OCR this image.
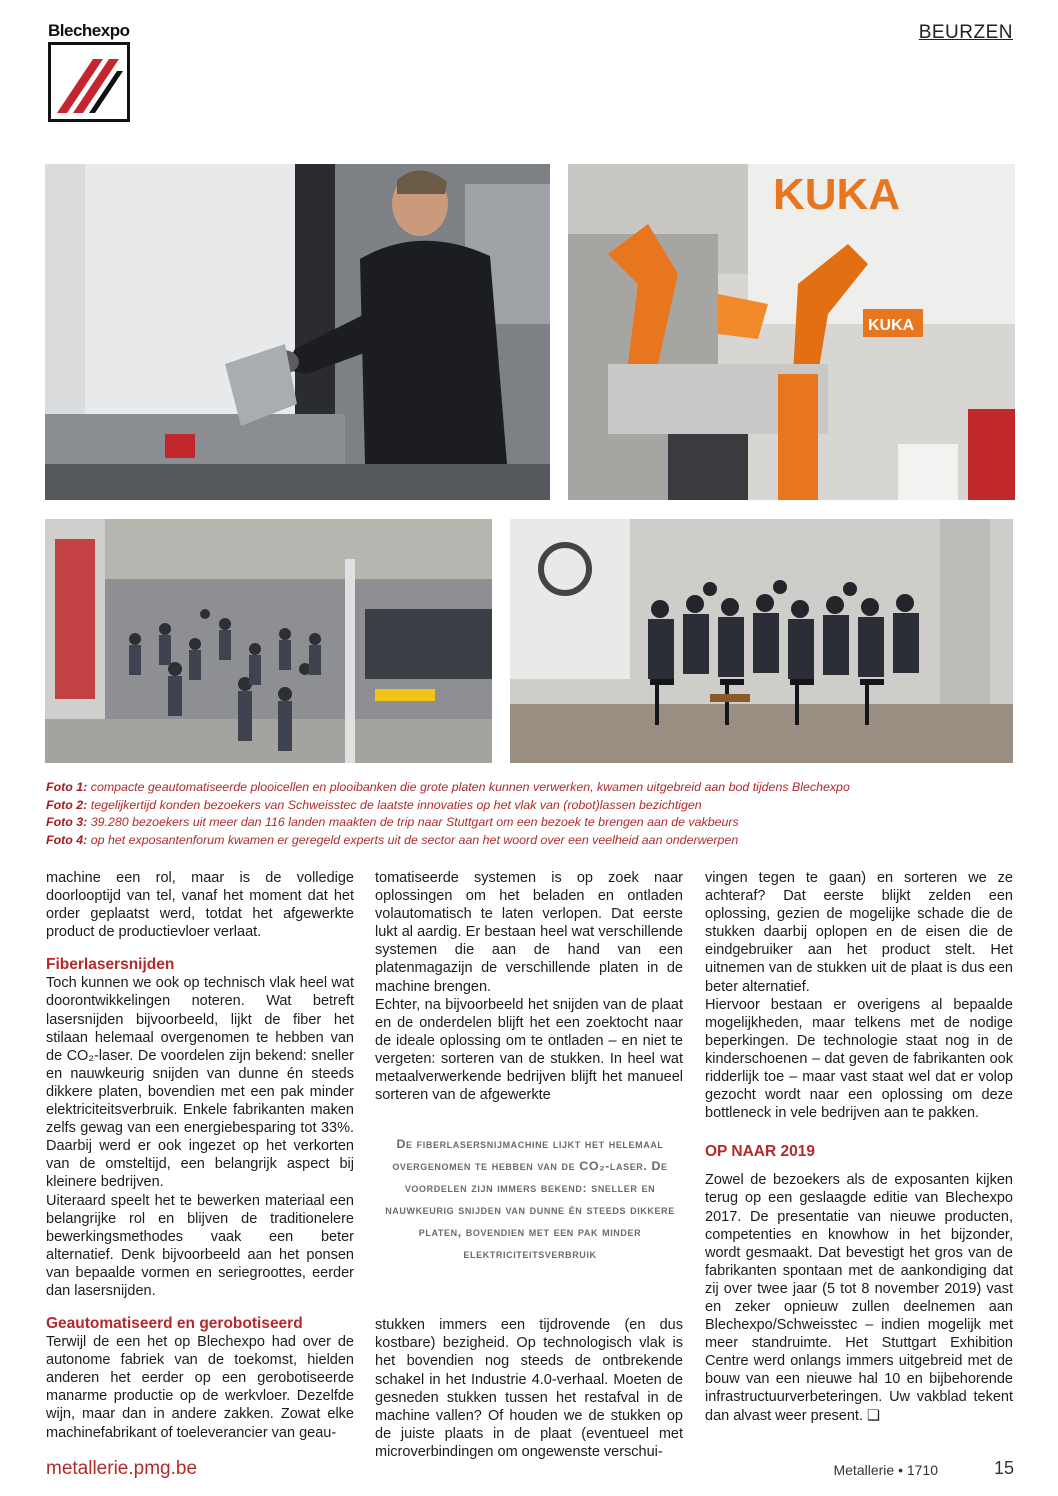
Blechexpo	BEURZEN
KUKA
KUKA
Foto 1: compacte geautomatiseerde plooicellen en plooibanken die grote platen kunnen verwerken, kwamen uitgebreid aan bod tijdens Blechexpo
Foto 2: tegelijkertijd konden bezoekers van Schweisstec de laatste innovaties op het vlak van (robot)lassen bezichtigen
Foto 3: 39.280 bezoekers uit meer dan 116 landen maakten de trip naar Stuttgart om een bezoek te brengen aan de vakbeurs
Foto 4: op het exposantenforum kwamen er geregeld experts uit de sector aan het woord over een veelheid aan onderwerpen

machine een rol, maar is de volledige doorlooptijd van tel, vanaf het moment dat het order geplaatst werd, totdat het afgewerkte product de productievloer verlaat.

Fiberlasersnijden

Toch kunnen we ook op technisch vlak heel wat doorontwikkelingen noteren. Wat betreft lasersnijden bijvoorbeeld, lijkt de fiber het stilaan helemaal overgenomen te hebben van de CO₂-laser. De voordelen zijn bekend: sneller en nauwkeurig snijden van dunne én steeds dikkere platen, bovendien met een pak minder elektriciteitsverbruik. Enkele fabrikanten maken zelfs gewag van een energiebesparing tot 33%. Daarbij werd er ook ingezet op het verkorten van de omsteltijd, een belangrijk aspect bij kleinere bedrijven.

Uiteraard speelt het te bewerken materiaal een belangrijke rol en blijven de traditionelere bewerkingsmethodes vaak een beter alternatief. Denk bijvoorbeeld aan het ponsen van bepaalde vormen en seriegroottes, eerder dan lasersnijden.

Geautomatiseerd en gerobotiseerd

Terwijl de een het op Blechexpo had over de autonome fabriek van de toekomst, hielden anderen het eerder op een gerobotiseerde manarme productie op de werkvloer. Dezelfde wijn, maar dan in andere zakken. Zowat elke machinefabrikant of toeleverancier van geau-

tomatiseerde systemen is op zoek naar oplossingen om het beladen en ontladen volautomatisch te laten verlopen. Dat eerste lukt al aardig. Er bestaan heel wat verschillende systemen die aan de hand van een platenmagazijn de verschillende platen in de machine brengen.

Echter, na bijvoorbeeld het snijden van de plaat en de onderdelen blijft het een zoektocht naar de ideale oplossing om te ontladen – en niet te vergeten: sorteren van de stukken. In heel wat metaalverwerkende bedrijven blijft het manueel sorteren van de afgewerkte

stukken immers een tijdrovende (en dus kostbare) bezigheid. Op technologisch vlak is het bovendien nog steeds de ontbrekende schakel in het Industrie 4.0-verhaal. Moeten de gesneden stukken tussen het restafval in de machine vallen? Of houden we de stukken op de juiste plaats in de plaat (eventueel met microverbindingen om ongewenste verschui-

De fiberlasersnijmachine lijkt het helemaal overgenomen te hebben van de CO₂-laser. De voordelen zijn immers bekend: sneller en nauwkeurig snijden van dunne én steeds dikkere platen, bovendien met een pak minder elektriciteitsverbruik

vingen tegen te gaan) en sorteren we ze achteraf? Dat eerste blijkt zelden een oplossing, gezien de mogelijke schade die de stukken daarbij oplopen en de eisen die de eindgebruiker aan het product stelt. Het uitnemen van de stukken uit de plaat is dus een beter alternatief.

Hiervoor bestaan er overigens al bepaalde mogelijkheden, maar telkens met de nodige beperkingen. De technologie staat nog in de kinderschoenen – dat geven de fabrikanten ook ridderlijk toe – maar vast staat wel dat er volop gezocht wordt naar een oplossing om deze bottleneck in vele bedrijven aan te pakken.

OP NAAR 2019

Zowel de bezoekers als de exposanten kijken terug op een geslaagde editie van Blechexpo 2017. De presentatie van nieuwe producten, competenties en knowhow in het bijzonder, wordt gesmaakt. Dat bevestigt het gros van de fabrikanten spontaan met de aankondiging dat zij over twee jaar (5 tot 8 november 2019) vast en zeker opnieuw zullen deelnemen aan Blechexpo/Schweisstec – indien mogelijk met meer standruimte. Het Stuttgart Exhibition Centre werd onlangs immers uitgebreid met de bouw van een nieuwe hal 10 en bijbehorende infrastructuurverbeteringen. Uw vakblad tekent dan alvast weer present. ❑

metallerie.pmg.be	Metallerie • 1710	15
